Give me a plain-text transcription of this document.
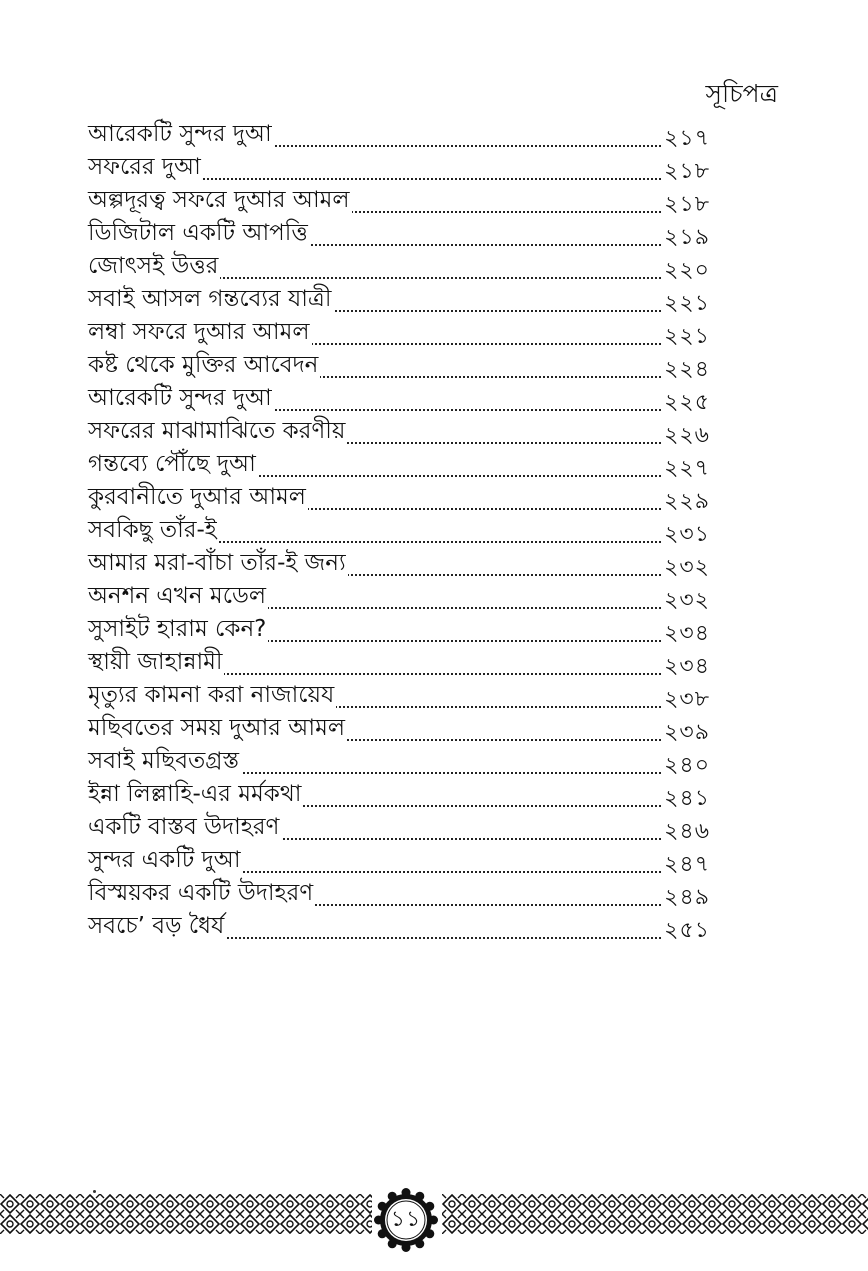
সূচিপত্র
আরেকটি সুন্দর দুআ	২১৭
সফরের দুআ	২১৮
অল্পদূরত্ব সফরে দুআর আমল	২১৮
ডিজিটাল একটি আপত্তি	২১৯
জোৎসই উত্তর	২২০
সবাই আসল গন্তব্যের যাত্রী	২২১
লম্বা সফরে দুআর আমল	২২১
কষ্ট থেকে মুক্তির আবেদন	২২৪
আরেকটি সুন্দর দুআ	২২৫
সফরের মাঝামাঝিতে করণীয়	২২৬
গন্তব্যে পৌঁছে দুআ	২২৭
কুরবানীতে দুআর আমল	২২৯
সবকিছু তাঁর-ই	২৩১
আমার মরা-বাঁচা তাঁর-ই জন্য	২৩২
অনশন এখন মডেল	২৩২
সুসাইট হারাম কেন?	২৩৪
স্থায়ী জাহান্নামী	২৩৪
মৃত্যুর কামনা করা নাজায়েয	২৩৮
মছিবতের সময় দুআর আমল	২৩৯
সবাই মছিবতগ্রস্ত	২৪০
ইন্না লিল্লাহি-এর মর্মকথা	২৪১
একটি বাস্তব উদাহরণ	২৪৬
সুন্দর একটি দুআ	২৪৭
বিস্ময়কর একটি উদাহরণ	২৪৯
সবচে’ বড় ধৈর্য	২৫১
১১
